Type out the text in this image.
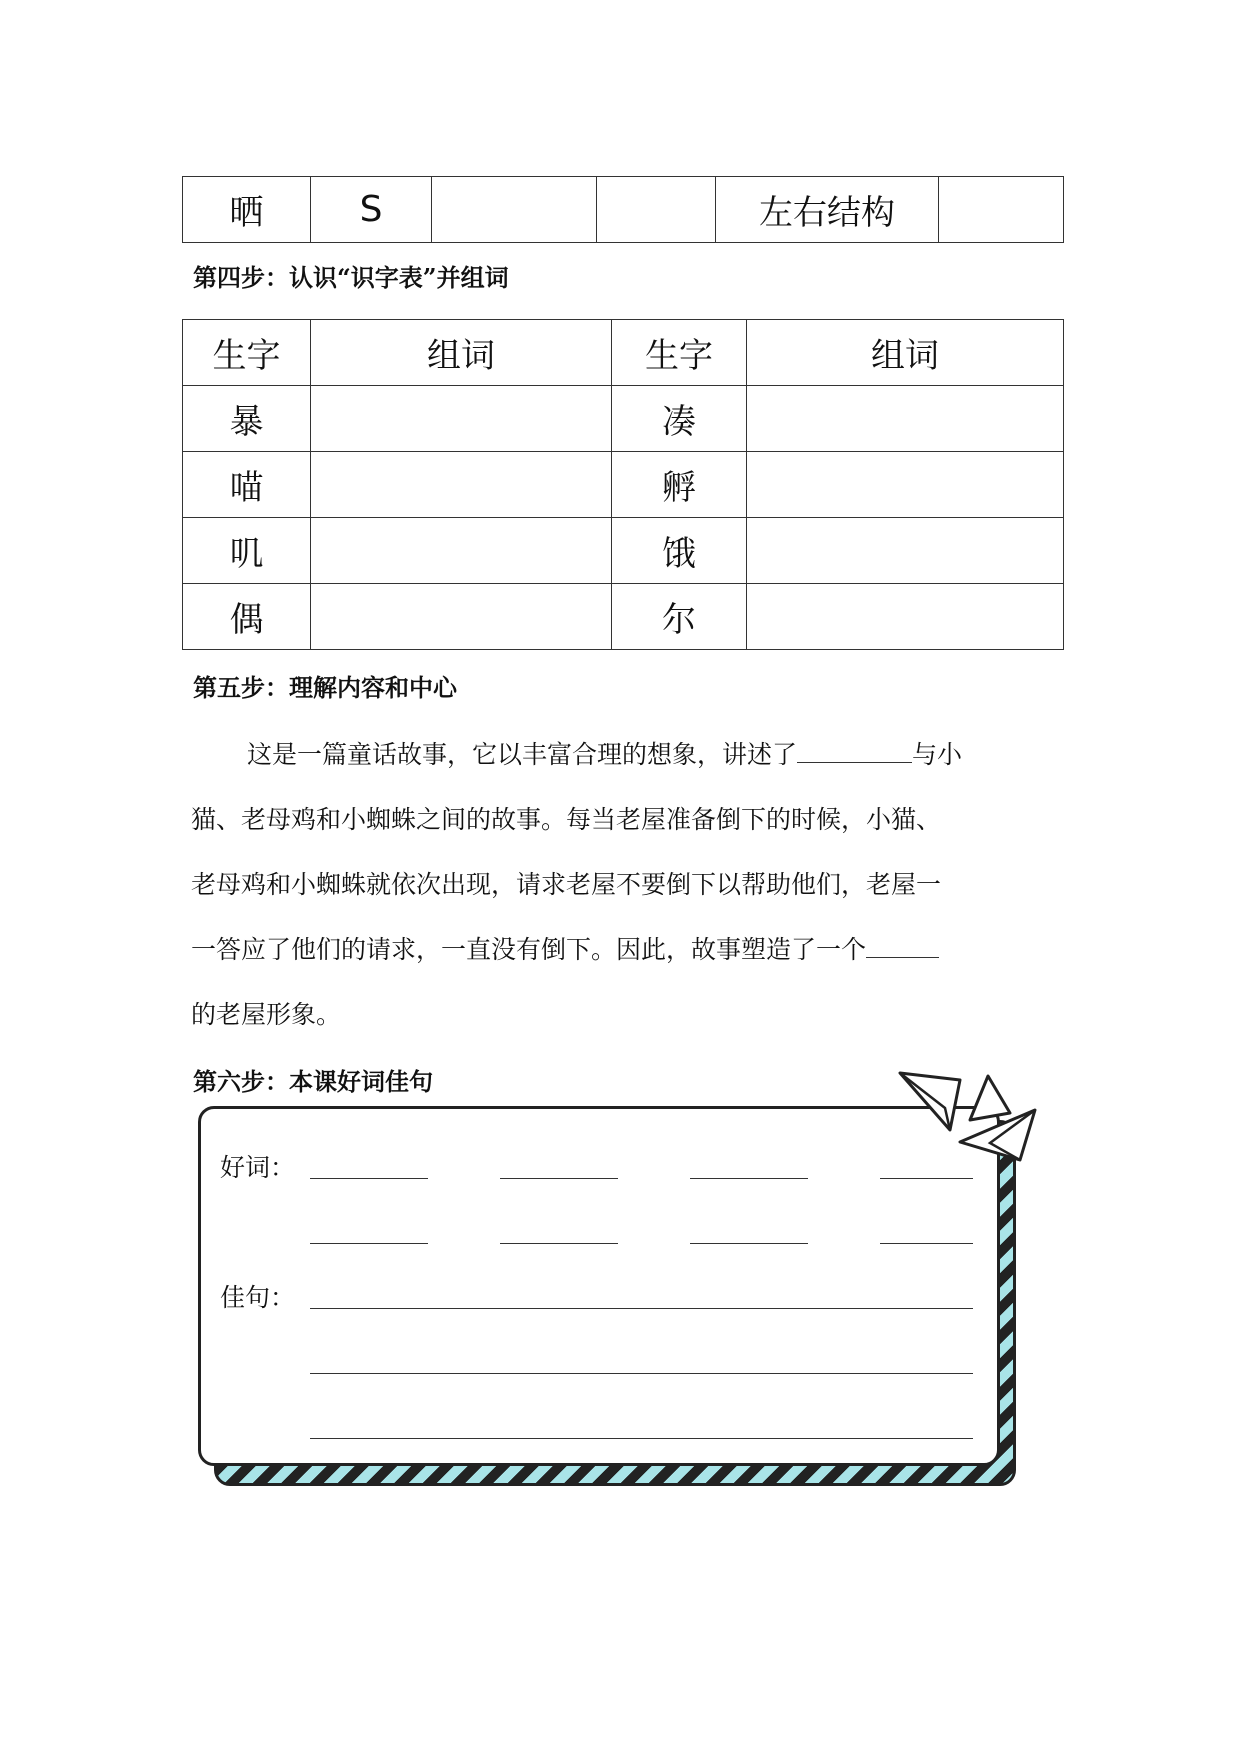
晒	S			左右结构	

第四步：认识“识字表”并组词

生字	组词	生字	组词
暴		凑	
喵		孵	
叽		饿	
偶		尔	

第五步：理解内容和中心

这是一篇童话故事，它以丰富合理的想象，讲述了	与小
猫、老母鸡和小蜘蛛之间的故事。每当老屋准备倒下的时候，小猫、
老母鸡和小蜘蛛就依次出现，请求老屋不要倒下以帮助他们，老屋一
一答应了他们的请求，一直没有倒下。因此，故事塑造了一个
的老屋形象。

第六步：本课好词佳句

好词：

佳句：
